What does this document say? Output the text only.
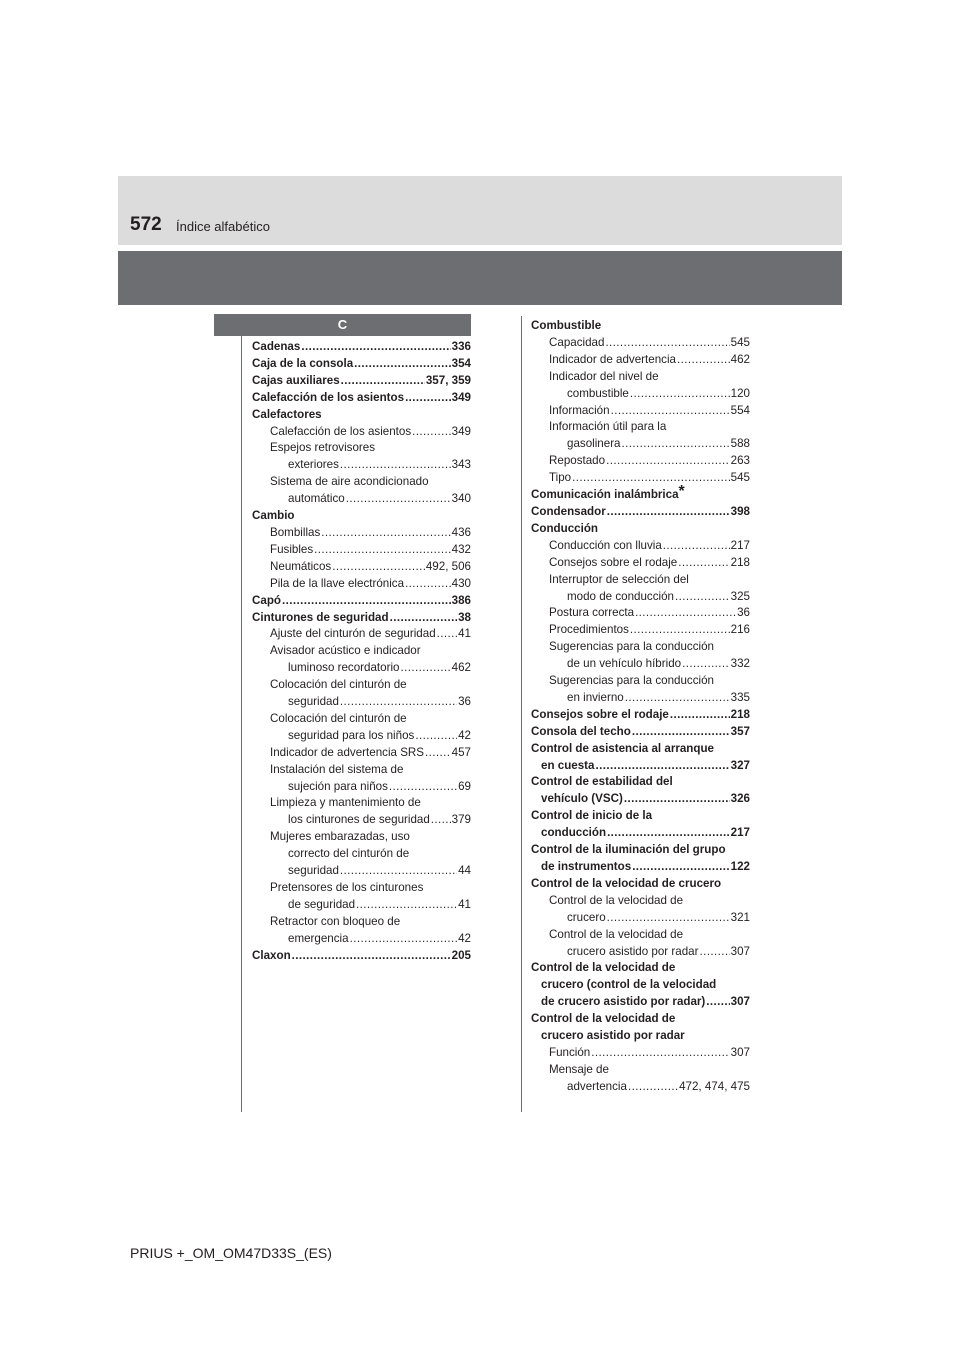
572 Índice alfabético
C
Cadenas .....	336
Caja de la consola .....	354
Cajas auxiliares .....	357, 359
Calefacción de los asientos .....	349
Calefactores
Calefacción de los asientos .....	349
Espejos retrovisores
exteriores .....	343
Sistema de aire acondicionado
automático .....	340
Cambio
Bombillas .....	436
Fusibles .....	432
Neumáticos .....	492, 506
Pila de la llave electrónica .....	430
Capó .....	386
Cinturones de seguridad .....	38
Ajuste del cinturón de seguridad ..... 41
Avisador acústico e indicador
luminoso recordatorio .....	462
Colocación del cinturón de
seguridad .....	36
Colocación del cinturón de
seguridad para los niños .....	42
Indicador de advertencia SRS ..... 457
Instalación del sistema de
sujeción para niños .....	69
Limpieza y mantenimiento de
los cinturones de seguridad ..... 379
Mujeres embarazadas, uso
correcto del cinturón de
seguridad .....	44
Pretensores de los cinturones
de seguridad .....	41
Retractor con bloqueo de
emergencia .....	42
Claxon .....	205
Combustible
Capacidad .....	545
Indicador de advertencia .....	462
Indicador del nivel de
combustible .....	120
Información .....	554
Información útil para la
gasolinera .....	588
Repostado .....	263
Tipo .....	545
Comunicación inalámbrica*
Condensador .....	398
Conducción
Conducción con lluvia .....	217
Consejos sobre el rodaje .....	218
Interruptor de selección del
modo de conducción .....	325
Postura correcta .....	36
Procedimientos .....	216
Sugerencias para la conducción
de un vehículo híbrido .....	332
Sugerencias para la conducción
en invierno .....	335
Consejos sobre el rodaje .....	218
Consola del techo .....	357
Control de asistencia al arranque
en cuesta .....	327
Control de estabilidad del
vehículo (VSC) .....	326
Control de inicio de la
conducción .....	217
Control de la iluminación del grupo
de instrumentos .....	122
Control de la velocidad de crucero
Control de la velocidad de
crucero .....	321
Control de la velocidad de
crucero asistido por radar .....	307
Control de la velocidad de
crucero (control de la velocidad
de crucero asistido por radar) ..... 307
Control de la velocidad de
crucero asistido por radar
Función .....	307
Mensaje de
advertencia .....	472, 474, 475
PRIUS +_OM_OM47D33S_(ES)
